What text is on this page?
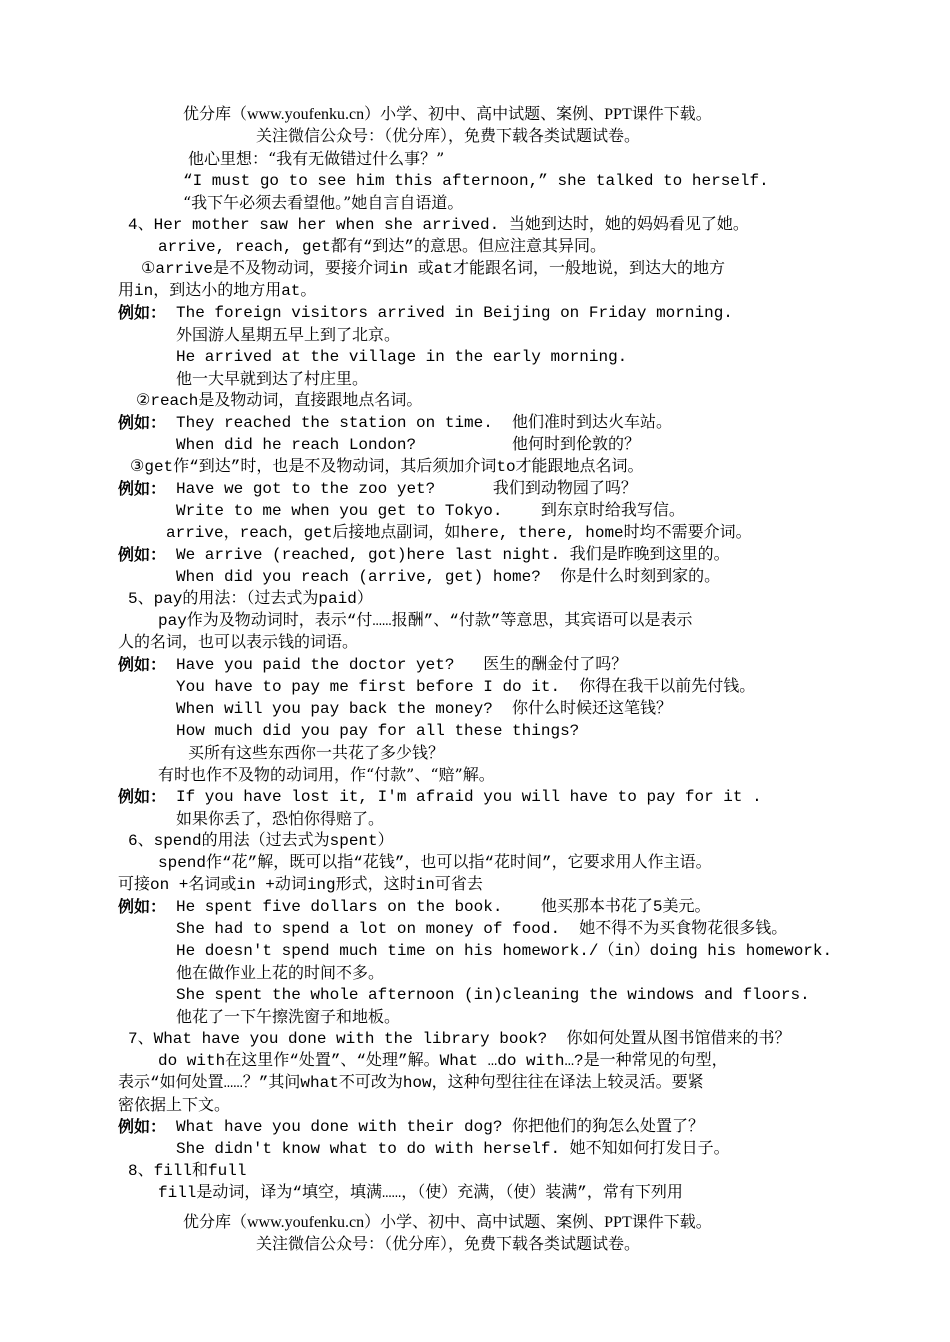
优分库（www.youfenku.cn）小学、初中、高中试题、案例、PPT课件下载。
关注微信公众号：（优分库），免费下载各类试题试卷。
他心里想：“我有无做错过什么事？”
“I must go to see him this afternoon,” she talked to herself.
“我下午必须去看望他。”她自言自语道。
4、Her mother saw her when she arrived. 当她到达时，她的妈妈看见了她。
arrive, reach, get都有“到达”的意思。但应注意其异同。
①arrive是不及物动词，要接介词in 或at才能跟名词，一般地说，到达大的地方
用in，到达小的地方用at。
例如： The foreign visitors arrived in Beijing on Friday morning.
外国游人星期五早上到了北京。
He arrived at the village in the early morning.
他一大早就到达了村庄里。
②reach是及物动词，直接跟地点名词。
例如： They reached the station on time.  他们准时到达火车站。
When did he reach London?          他何时到伦敦的？
③get作“到达”时，也是不及物动词，其后须加介词to才能跟地点名词。
例如： Have we got to the zoo yet?      我们到动物园了吗？
Write to me when you get to Tokyo.    到东京时给我写信。
arrive，reach，get后接地点副词，如here, there, home时均不需要介词。
例如： We arrive (reached, got)here last night. 我们是昨晚到这里的。
When did you reach (arrive, get) home?  你是什么时刻到家的。
5、pay的用法：（过去式为paid）
pay作为及物动词时，表示“付……报酬”、“付款”等意思，其宾语可以是表示
人的名词，也可以表示钱的词语。
例如： Have you paid the doctor yet?   医生的酬金付了吗？
You have to pay me first before I do it.  你得在我干以前先付钱。
When will you pay back the money?  你什么时候还这笔钱？
How much did you pay for all these things?
买所有这些东西你一共花了多少钱？
有时也作不及物的动词用，作“付款”、“赔”解。
例如： If you have lost it, I'm afraid you will have to pay for it .
如果你丢了，恐怕你得赔了。
6、spend的用法（过去式为spent）
spend作“花”解，既可以指“花钱”，也可以指“花时间”，它要求用人作主语。
可接on +名词或in +动词ing形式，这时in可省去
例如： He spent five dollars on the book.    他买那本书花了5美元。
She had to spend a lot on money of food.  她不得不为买食物花很多钱。
He doesn't spend much time on his homework./（in）doing his homework.
他在做作业上花的时间不多。
She spent the whole afternoon (in)cleaning the windows and floors.
他花了一下午擦洗窗子和地板。
7、What have you done with the library book?  你如何处置从图书馆借来的书？
do with在这里作“处置”、“处理”解。What …do with…?是一种常见的句型，
表示“如何处置……？”其问what不可改为how，这种句型往往在译法上较灵活。要紧
密依据上下文。
例如： What have you done with their dog? 你把他们的狗怎么处置了？
She didn't know what to do with herself. 她不知如何打发日子。
8、fill和full
fill是动词，译为“填空，填满……，（使）充满，（使）装满”，常有下列用
优分库（www.youfenku.cn）小学、初中、高中试题、案例、PPT课件下载。
关注微信公众号：（优分库），免费下载各类试题试卷。
